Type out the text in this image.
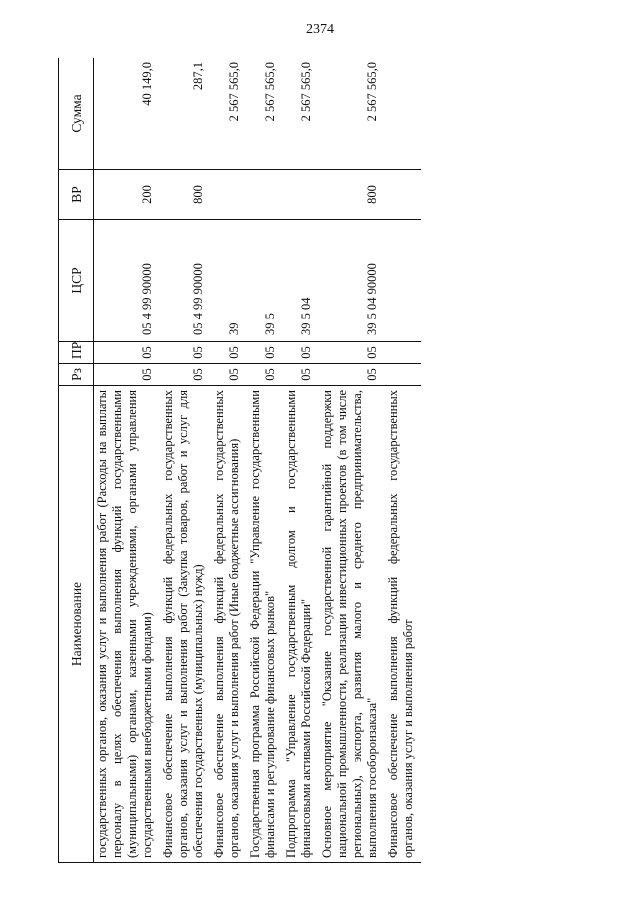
2374
Наименование	Рз	ПР	ЦСР	ВР	Сумма
государственных органов, оказания услуг и выполнения работ (Расходы на выплаты персоналу в целях обеспечения выполнения функций государственными (муниципальными) органами, казенными учреждениями, органами управления государственными внебюджетными фондами)	05	05	05 4 99 90000	200	40 149,0
Финансовое обеспечение выполнения функций федеральных государственных органов, оказания услуг и выполнения работ (Закупка товаров, работ и услуг для обеспечения государственных (муниципальных) нужд)	05	05	05 4 99 90000	800	287,1
Финансовое обеспечение выполнения функций федеральных государственных органов, оказания услуг и выполнения работ (Иные бюджетные ассигнования)	05	05	39		2 567 565,0
Государственная программа Российской Федерации "Управление государственными финансами и регулирование финансовых рынков"	05	05	39 5		2 567 565,0
Подпрограмма "Управление государственным долгом и государственными финансовыми активами Российской Федерации"	05	05	39 5 04		2 567 565,0
Основное мероприятие "Оказание государственной гарантийной поддержки национальной промышленности, реализации инвестиционных проектов (в том числе региональных), экспорта, развития малого и среднего предпринимательства, выполнения гособоронзаказа"	05	05	39 5 04 90000	800	2 567 565,0
Финансовое обеспечение выполнения функций федеральных государственных органов, оказания услуг и выполнения работ					
